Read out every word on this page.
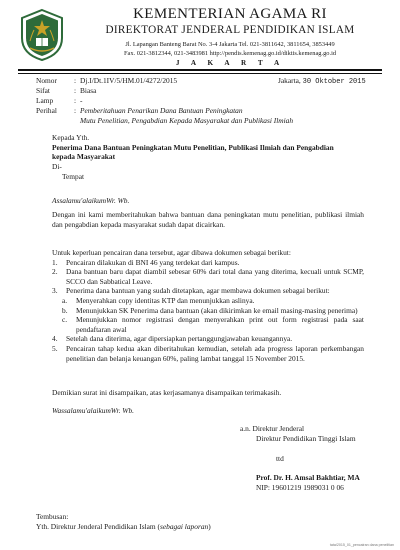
KEMENTERIAN AGAMA RI
DIREKTORAT JENDERAL PENDIDIKAN ISLAM
Jl. Lapangan Banteng Barat No. 3-4 Jakarta Tel. 021-3811642, 3811654, 3853449
Fax. 021-3812344, 021-3483981 http://pendis.kemenag.go.id/diktis.kemenag.go.id
J A K A R T A
Nomor	: Dj.I/Dt.1IV/5/HM.01/4272/2015	Jakarta, 30 Oktober 2015
Sifat	: Biasa
Lamp	: -
Perihal	: Pemberitahuan Penarikan Dana Bantuan Peningkatan
Mutu Penelitian, Pengabdian Kepada Masyarakat dan Publikasi Ilmiah
Kepada Yth.
Penerima Dana Bantuan Peningkatan Mutu Penelitian, Publikasi Ilmiah dan Pengabdian kepada Masyarakat
Di-
Tempat
Assalamu'alaikumWr. Wb.
Dengan ini kami memberitahukan bahwa bantuan dana peningkatan mutu penelitian, publikasi ilmiah dan pengabdian kepada masyarakat sudah dapat dicairkan.
Untuk keperluan pencairan dana tersebut, agar dibawa dokumen sebagai berikut:
1. Pencairan dilakukan di BNI 46 yang terdekat dari kampus.
2. Dana bantuan baru dapat diambil sebesar 60% dari total dana yang diterima, kecuali untuk SCMP, SCCO dan Sabbatical Leave.
3. Penerima dana bantuan yang sudah ditetapkan, agar membawa dokumen sebagai berikut:
a. Menyerahkan copy identitas KTP dan menunjukkan aslinya.
b. Menunjukkan SK Penerima dana bantuan (akan dikirimkan ke email masing-masing penerima)
c. Menunjukkan nomor registrasi dengan menyerahkan print out form registrasi pada saat pendaftaran awal
4. Setelah dana diterima, agar dipersiapkan pertanggungjawaban keuangannya.
5. Pencairan tahap kedua akan diberitahukan kemudian, setelah ada progress laporan perkembangan penelitian dan belanja keuangan 60%, paling lambat tanggal 15 November 2015.
Demikian surat ini disampaikan, atas kerjasamanya disampaikan terimakasih.
Wassalamu'alaikumWr. Wb.
a.n. Direktur Jenderal
Direktur Pendidikan Tinggi Islam
ttd
Prof. Dr. H. Amsal Bakhtiar, MA
NIP: 19601219 1989031 0 06
Tembusan:
Yth. Direktur Jenderal Pendidikan Islam (sebagai laporan)
tata/2015_01_pencairan dana penelitian
